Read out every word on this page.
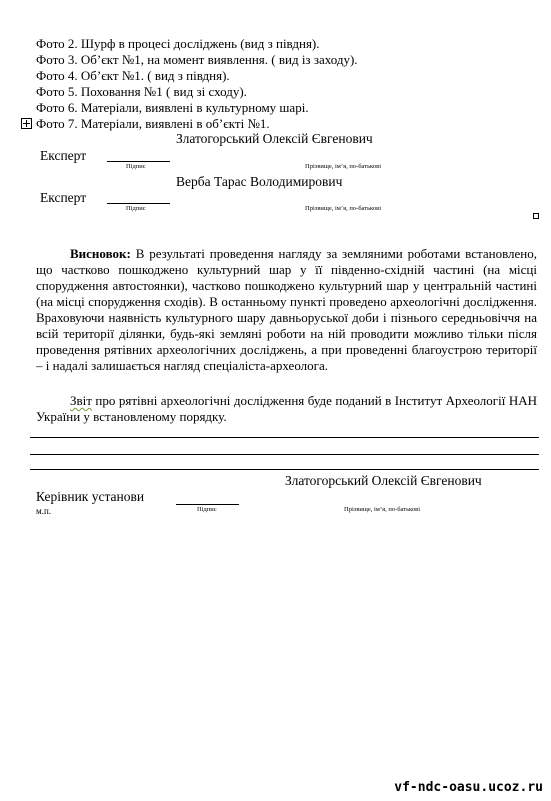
Фото 2. Шурф в процесі досліджень (вид з півдня).
Фото 3. Об’єкт №1, на момент виявлення. ( вид із заходу).
Фото 4. Об’єкт №1. ( вид з півдня).
Фото 5. Поховання №1 ( вид зі сходу).
Фото 6. Матеріали, виявлені в культурному шарі.
Фото 7. Матеріали, виявлені в об’єкті №1.
Златогорський Олексій Євгенович
Експерт
Підпис	Прізвище, ім’я, по-батькові
Верба Тарас Володимирович
Експерт
Підпис	Прізвище, ім’я, по-батькові

Висновок: В результаті проведення нагляду за земляними роботами встановлено, що частково пошкоджено культурний шар у її південно-східній частині (на місці спорудження автостоянки), частково пошкоджено культурний шар у центральній частині (на місці спорудження сходів). В останньому пункті проведено археологічні дослідження. Враховуючи наявність культурного шару давньоруської доби і пізнього середньовіччя на всій території ділянки, будь-які земляні роботи на ній проводити можливо тільки після проведення рятівних археологічних досліджень, а при проведенні благоустрою території – і надалі залишається нагляд спеціаліста-археолога.

Звіт про рятівні археологічні дослідження буде поданий в Інститут Археології НАН України у встановленому порядку.

Златогорський Олексій Євгенович
Керівник установи
Підпис	Прізвище, ім’я, по-батькові
м.п.
vf-ndc-oasu.ucoz.ru
